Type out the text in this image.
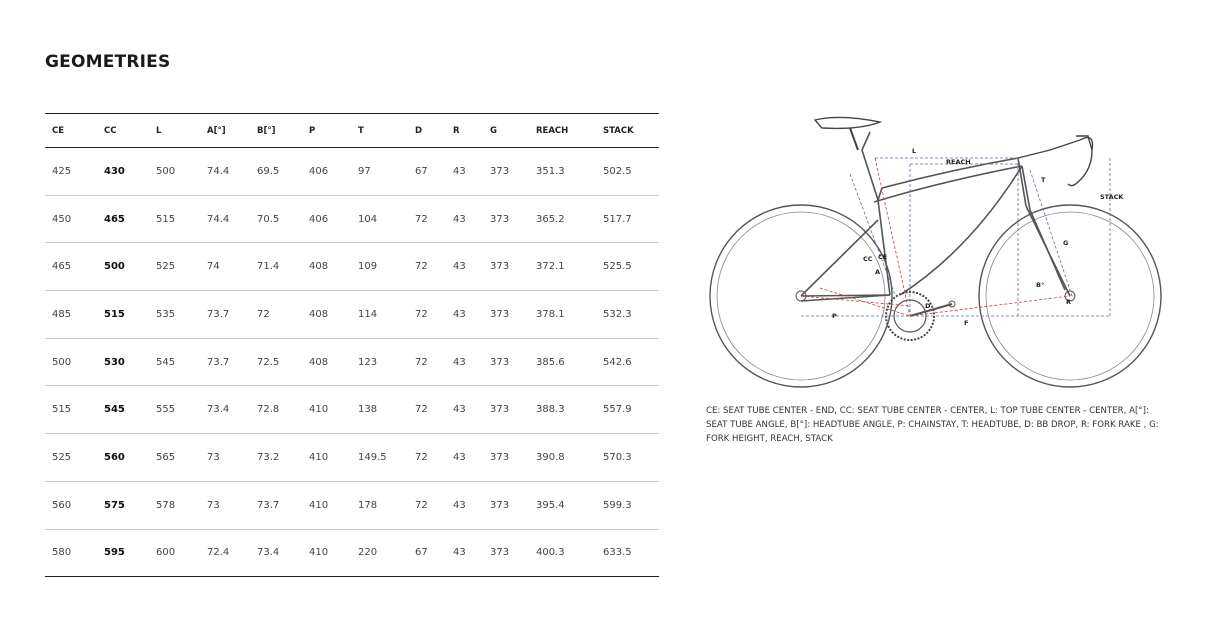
GEOMETRIES
CE	CC	L	A[°]	B[°]	P	T	D	R	G	REACH	STACK
425	430	500	74.4	69.5	406	97	67	43	373	351.3	502.5
450	465	515	74.4	70.5	406	104	72	43	373	365.2	517.7
465	500	525	74	71.4	408	109	72	43	373	372.1	525.5
485	515	535	73.7	72	408	114	72	43	373	378.1	532.3
500	530	545	73.7	72.5	408	123	72	43	373	385.6	542.6
515	545	555	73.4	72.8	410	138	72	43	373	388.3	557.9
525	560	565	73	73.2	410	149.5	72	43	373	390.8	570.3
560	575	578	73	73.7	410	178	72	43	373	395.4	599.3
580	595	600	72.4	73.4	410	220	67	43	373	400.3	633.5
L
REACH
STACK
T
G
CC CE
A
B°
R
D
P
F

CE: SEAT TUBE CENTER - END, CC: SEAT TUBE CENTER - CENTER, L: TOP TUBE CENTER - CENTER, A[°]: SEAT TUBE ANGLE, B[°]: HEADTUBE ANGLE, P: CHAINSTAY, T: HEADTUBE, D: BB DROP, R: FORK RAKE , G: FORK HEIGHT, REACH, STACK
